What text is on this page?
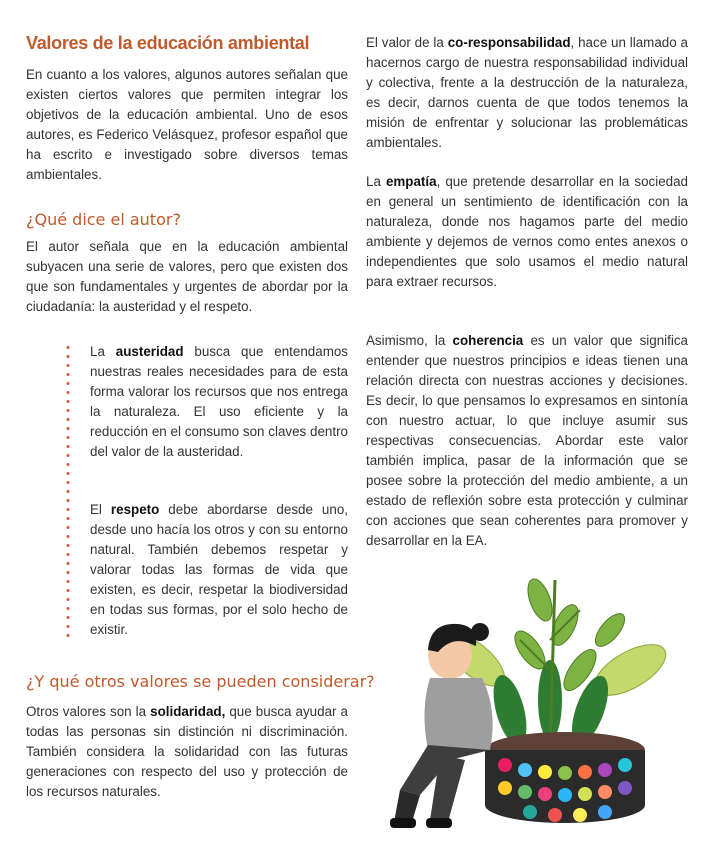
Valores de la educación ambiental

En cuanto a los valores, algunos autores señalan que existen ciertos valores que permiten integrar los objetivos de la educación ambiental. Uno de esos autores, es Federico Velásquez, profesor español que ha escrito e investigado sobre diversos temas ambientales.

¿Qué dice el autor?

El autor señala que en la educación ambiental subyacen una serie de valores, pero que existen dos que son fundamentales y urgentes de abordar por la ciudadanía: la austeridad y el respeto.

La austeridad busca que entendamos nuestras reales necesidades para de esta forma valorar los recursos que nos entrega la naturaleza. El uso eficiente y la reducción en el consumo son claves dentro del valor de la austeridad.

El respeto debe abordarse desde uno, desde uno hacía los otros y con su entorno natural. También debemos respetar y valorar todas las formas de vida que existen, es decir, respetar la biodiversidad en todas sus formas, por el solo hecho de existir.

¿Y qué otros valores se pueden considerar?

Otros valores son la solidaridad, que busca ayudar a todas las personas sin distinción ni discriminación. También considera la solidaridad con las futuras generaciones con respecto del uso y protección de los recursos naturales.

El valor de la co-responsabilidad, hace un llamado a hacernos cargo de nuestra responsabilidad individual y colectiva, frente a la destrucción de la naturaleza, es decir, darnos cuenta de que todos tenemos la misión de enfrentar y solucionar las problemáticas ambientales.

La empatía, que pretende desarrollar en la sociedad en general un sentimiento de identificación con la naturaleza, donde nos hagamos parte del medio ambiente y dejemos de vernos como entes anexos o independientes que solo usamos el medio natural para extraer recursos.

Asimismo, la coherencia es un valor que significa entender que nuestros principios e ideas tienen una relación directa con nuestras acciones y decisiones. Es decir, lo que pensamos lo expresamos en sintonía con nuestro actuar, lo que incluye asumir sus respectivas consecuencias. Abordar este valor también implica, pasar de la información que se posee sobre la protección del medio ambiente, a un estado de reflexión sobre esta protección y culminar con acciones que sean coherentes para promover y desarrollar en la EA.
